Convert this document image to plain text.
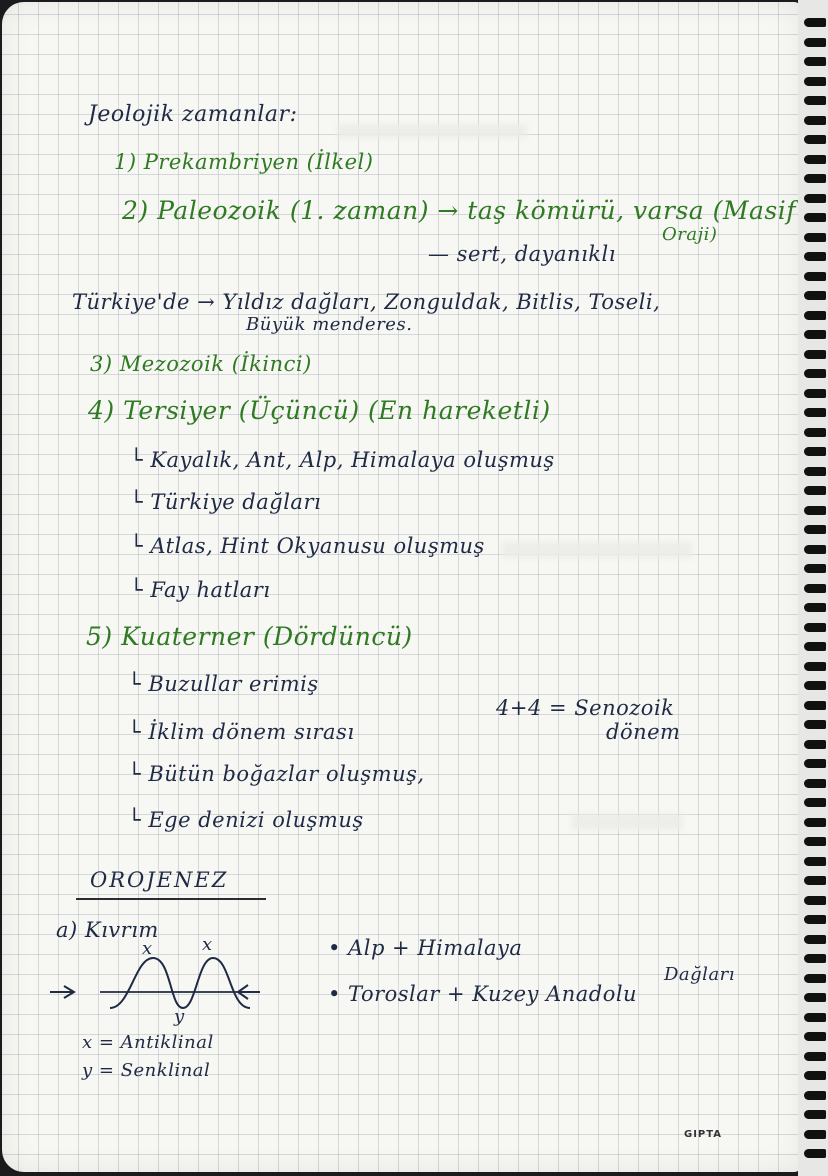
Jeolojik zamanlar:
1) Prekambriyen (İlkel)
2) Paleozoik (1. zaman) → taş kömürü, varsa (Masif
Oraji)
— sert, dayanıklı
Türkiye'de → Yıldız dağları, Zonguldak, Bitlis, Toseli,
Büyük menderes.
3) Mezozoik (İkinci)
4) Tersiyer (Üçüncü) (En hareketli)
└ Kayalık, Ant, Alp, Himalaya oluşmuş
└ Türkiye dağları
└ Atlas, Hint Okyanusu oluşmuş
└ Fay hatları
5) Kuaterner (Dördüncü)
└ Buzullar erimiş
└ İklim dönem sırası
└ Bütün boğazlar oluşmuş,
└ Ege denizi oluşmuş
4+4 = Senozoik
dönem
OROJENEZ
a) Kıvrım
x	x
y
x = Antiklinal
y = Senklinal
• Alp + Himalaya
• Toroslar + Kuzey Anadolu
Dağları
GIPTA
